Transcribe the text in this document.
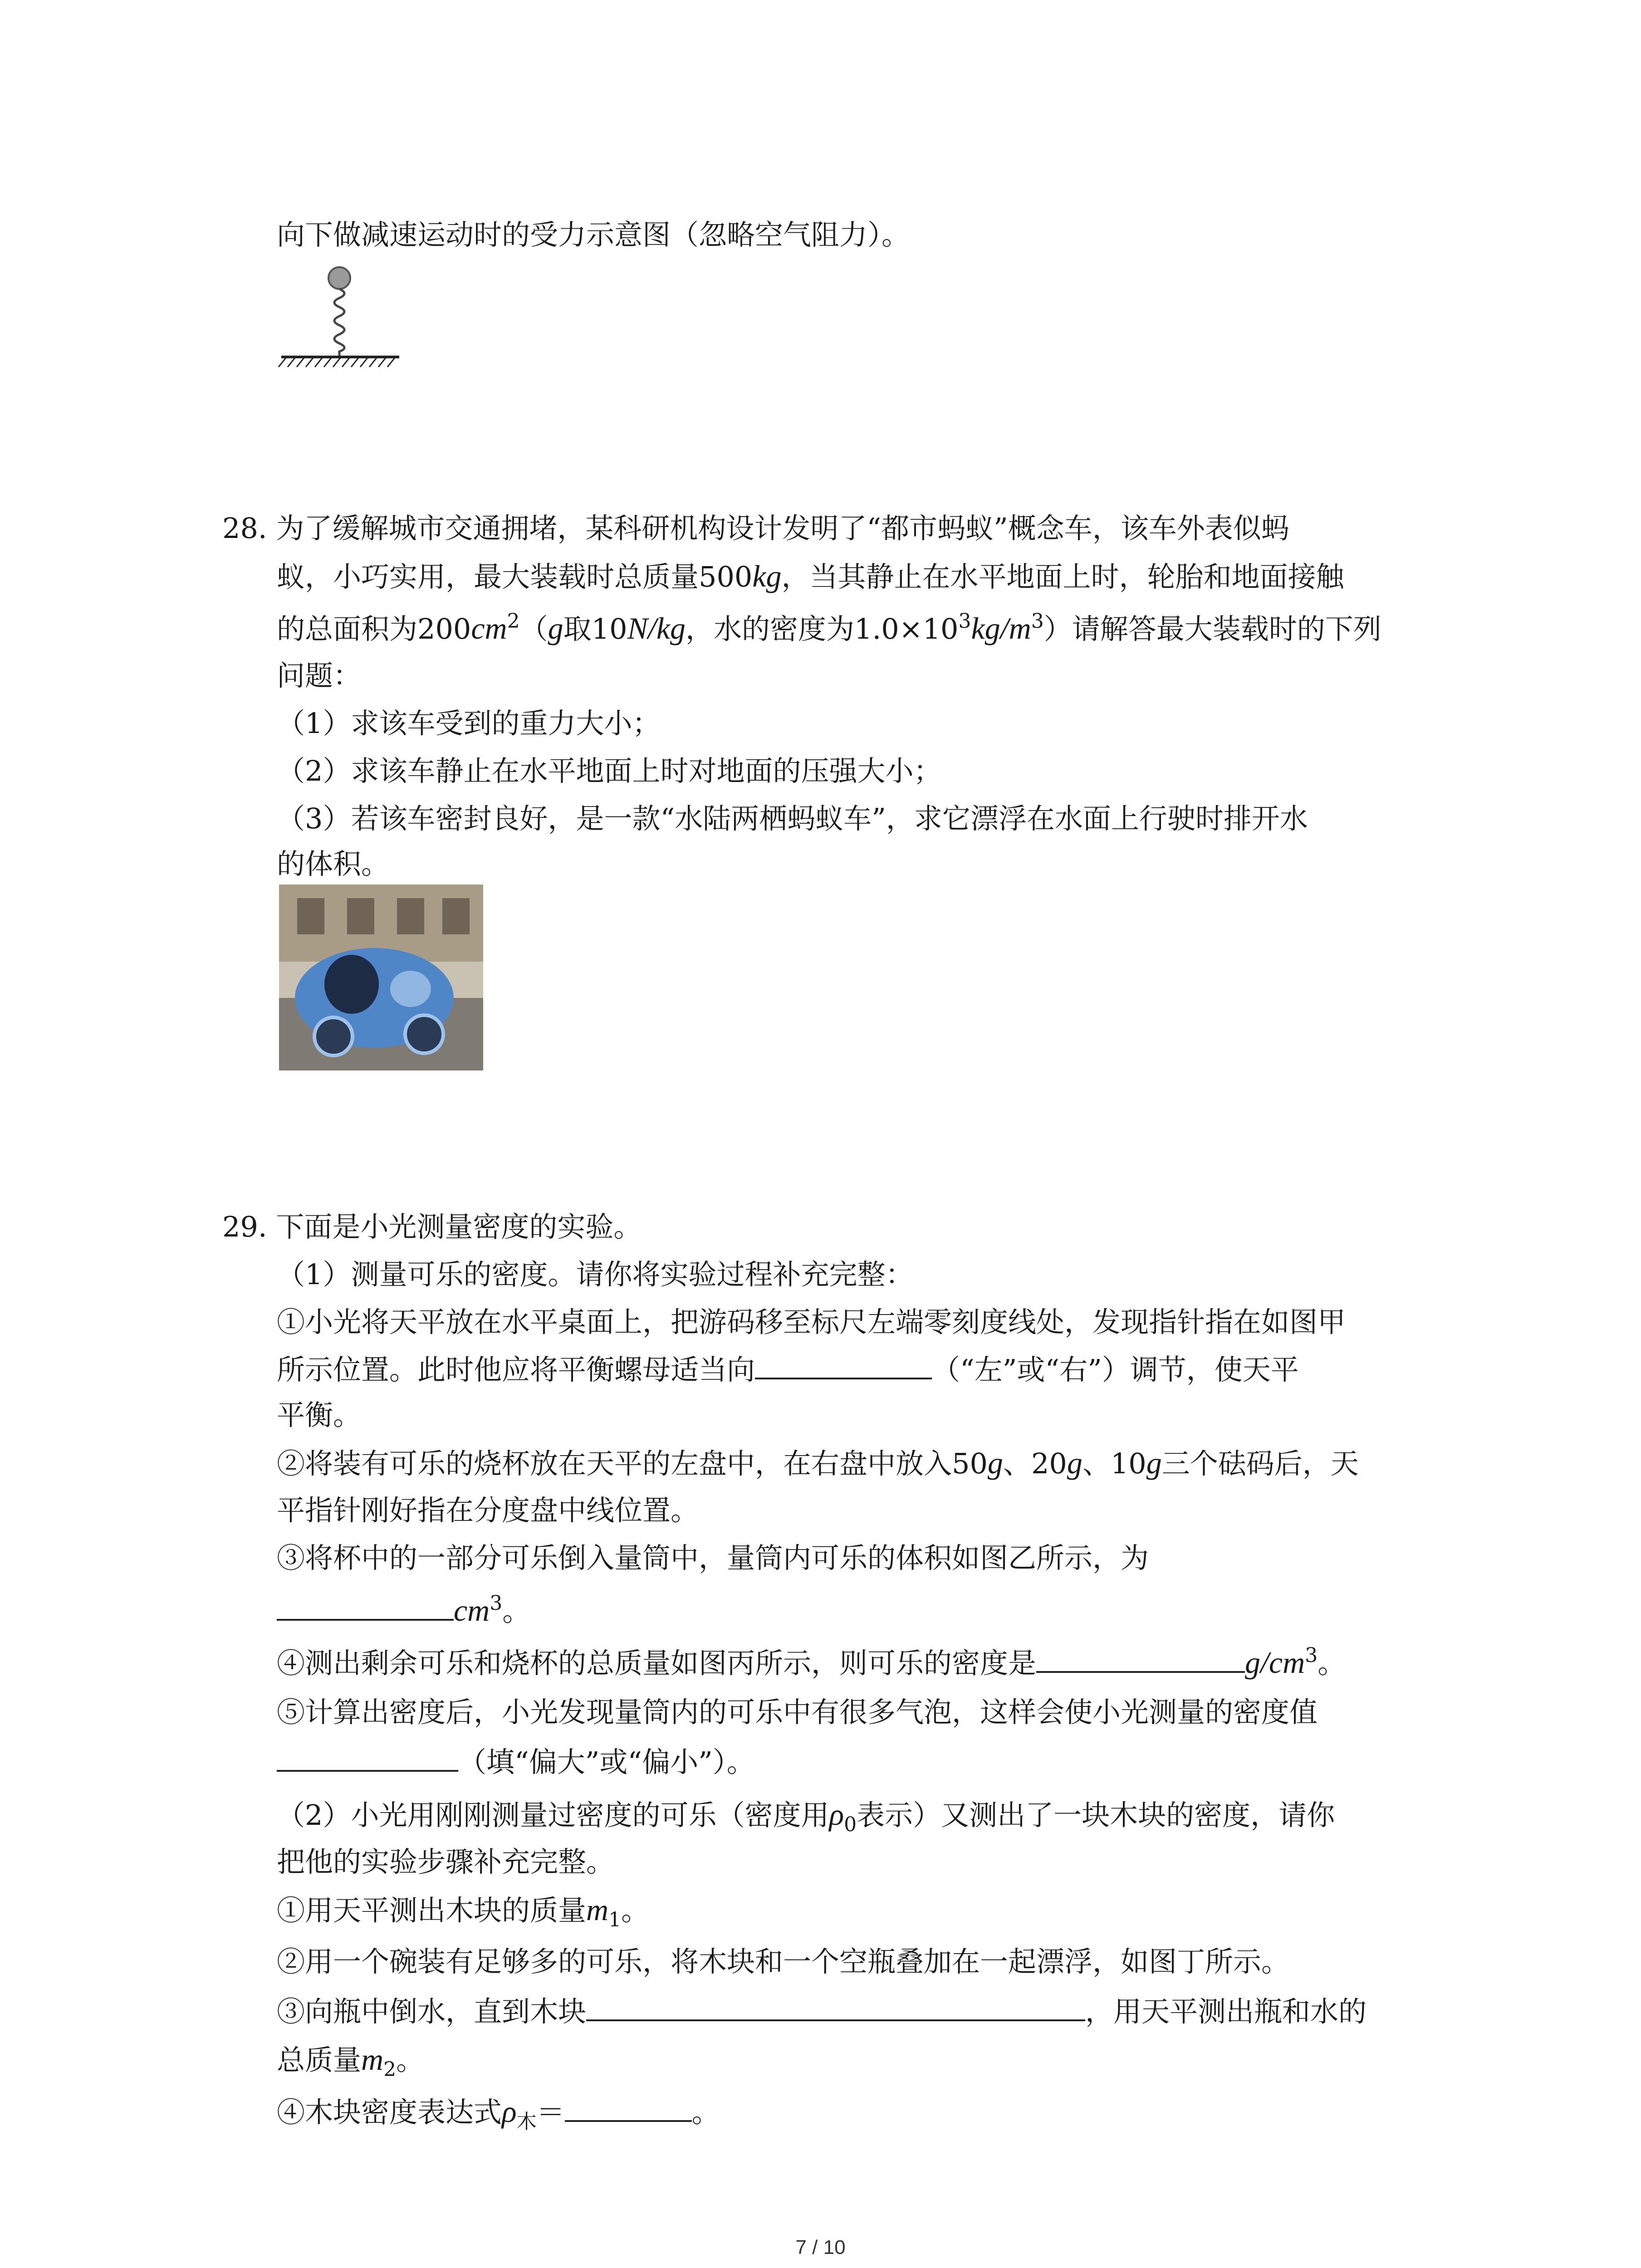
向下做减速运动时的受力示意图（忽略空气阻力）。
28. 为了缓解城市交通拥堵，某科研机构设计发明了“都市蚂蚁”概念车，该车外表似蚂
蚁，小巧实用，最大装载时总质量500kg，当其静止在水平地面上时，轮胎和地面接触
的总面积为$200cm^2(g$取10N/kg，水的密度为$1.0\times 10^3kg/m^3$）请解答最大装载时的下列
问题：
（1）求该车受到的重力大小；
（2）求该车静止在水平地面上时对地面的压强大小；
（3）若该车密封良好，是一款“水陆两栖蚂蚁车”，求它漂浮在水面上行驶时排开水
的体积。
29. 下面是小光测量密度的实验。
（1）测量可乐的密度。请你将实验过程补充完整：
①小光将天平放在水平桌面上，把游码移至标尺左端零刻度线处，发现指针指在如图甲
所示位置。此时他应将平衡螺母适当向	（“左”或“右”）调节，使天平
平衡。
②将装有可乐的烧杯放在天平的左盘中，在右盘中放入50g、20g、10g三个砝码后，天
平指针刚好指在分度盘中线位置。
③将杯中的一部分可乐倒入量筒中，量筒内可乐的体积如图乙所示，为
$cm^3$。
④测出剩余可乐和烧杯的总质量如图丙所示，则可乐的密度是	$g/cm^3$。
⑤计算出密度后，小光发现量筒内的可乐中有很多气泡，这样会使小光测量的密度值
（填“偏大”或“偏小”）。
（2）小光用刚刚测量过密度的可乐（密度用$\rho_0$表示）又测出了一块木块的密度，请你
把他的实验步骤补充完整。
①用天平测出木块的质量$m_1$。
②用一个碗装有足够多的可乐，将木块和一个空瓶叠加在一起漂浮，如图丁所示。
③向瓶中倒水，直到木块	，用天平测出瓶和水的
总质量$m_2$。
④木块密度表达式$\rho_木=$	。
7 / 10
